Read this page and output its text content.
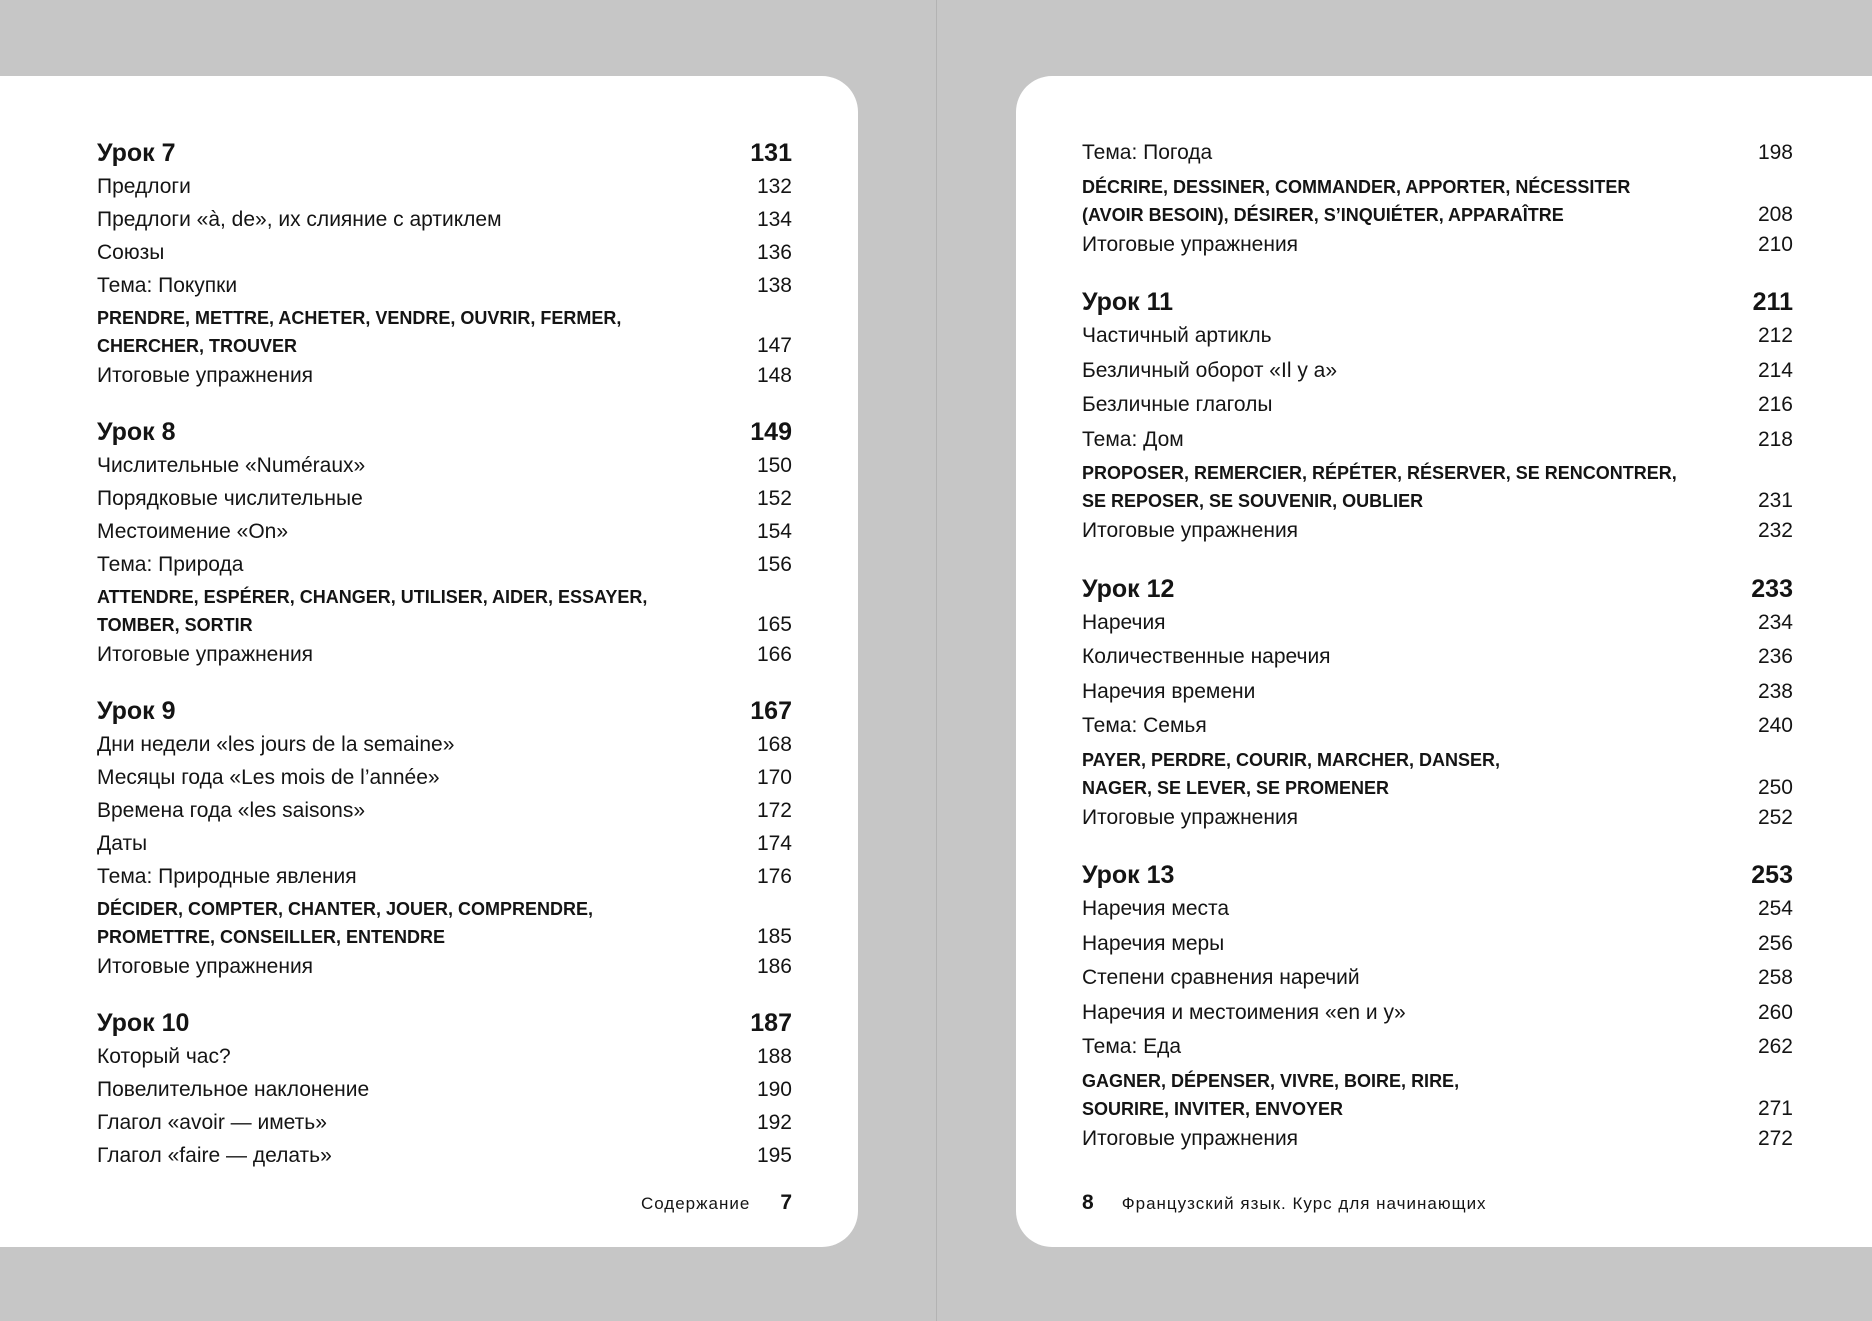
Урок 7	131
Предлоги	132
Предлоги «à, de», их слияние с артиклем	134
Союзы	136
Тема: Покупки	138
PRENDRE, METTRE, ACHETER, VENDRE, OUVRIR, FERMER,
CHERCHER, TROUVER	147
Итоговые упражнения	148
Урок 8	149
Числительные «Numéraux»	150
Порядковые числительные	152
Местоимение «On»	154
Тема: Природа	156
ATTENDRE, ESPÉRER, CHANGER, UTILISER, AIDER, ESSAYER,
TOMBER, SORTIR	165
Итоговые упражнения	166
Урок 9	167
Дни недели «les jours de la semaine»	168
Месяцы года «Les mois de l’année»	170
Времена года «les saisons»	172
Даты	174
Тема: Природные явления	176
DÉCIDER, COMPTER, CHANTER, JOUER, COMPRENDRE,
PROMETTRE, CONSEILLER, ENTENDRE	185
Итоговые упражнения	186
Урок 10	187
Который час?	188
Повелительное наклонение	190
Глагол «avoir — иметь»	192
Глагол «faire — делать»	195
Содержание 7
Тема: Погода	198
DÉCRIRE, DESSINER, COMMANDER, APPORTER, NÉCESSITER
(AVOIR BESOIN), DÉSIRER, S’INQUIÉTER, APPARAÎTRE	208
Итоговые упражнения	210
Урок 11	211
Частичный артикль	212
Безличный оборот «Il y a»	214
Безличные глаголы	216
Тема: Дом	218
PROPOSER, REMERCIER, RÉPÉTER, RÉSERVER, SE RENCONTRER,
SE REPOSER, SE SOUVENIR, OUBLIER	231
Итоговые упражнения	232
Урок 12	233
Наречия	234
Количественные наречия	236
Наречия времени	238
Тема: Семья	240
PAYER, PERDRE, COURIR, MARCHER, DANSER,
NAGER, SE LEVER, SE PROMENER	250
Итоговые упражнения	252
Урок 13	253
Наречия места	254
Наречия меры	256
Степени сравнения наречий	258
Наречия и местоимения «en и y»	260
Тема: Еда	262
GAGNER, DÉPENSER, VIVRE, BOIRE, RIRE,
SOURIRE, INVITER, ENVOYER	271
Итоговые упражнения	272
8 Французский язык. Курс для начинающих
